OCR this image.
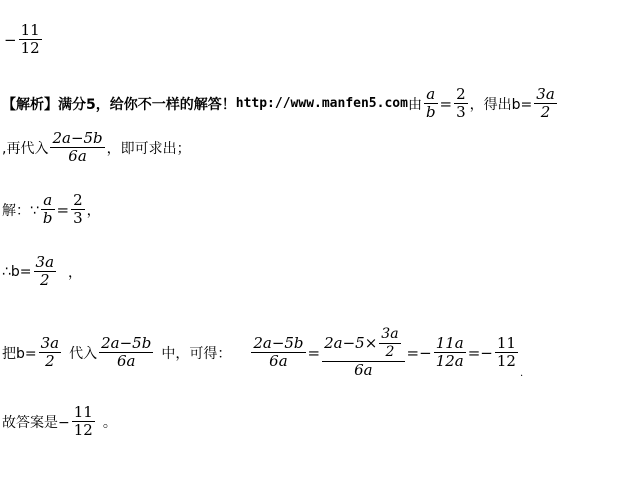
− $\frac{11}{12}$
【解析】 满分5，给你不一样的解答！ http://www.manfen5.com 由 $\frac{a}{b} = \frac{2}{3}$ ，得出$b= \frac{3a}{2}$
,再代入 $\frac{2a-5b}{6a}$ ，即可求出；
解：∵ $\frac{a}{b} = \frac{2}{3}$ ，
∴b= $\frac{3a}{2}$ ，
把$b= \frac{3a}{2}$ 代入 $\frac{2a-5b}{6a}$ 中，可得： $\frac{2a-5b}{6a} = \frac{2a-5\times \frac{3a}{2}}{6a} =- \frac{11a}{12a} =- \frac{11}{12}$
.
故答案是− $\frac{11}{12}$ 。
